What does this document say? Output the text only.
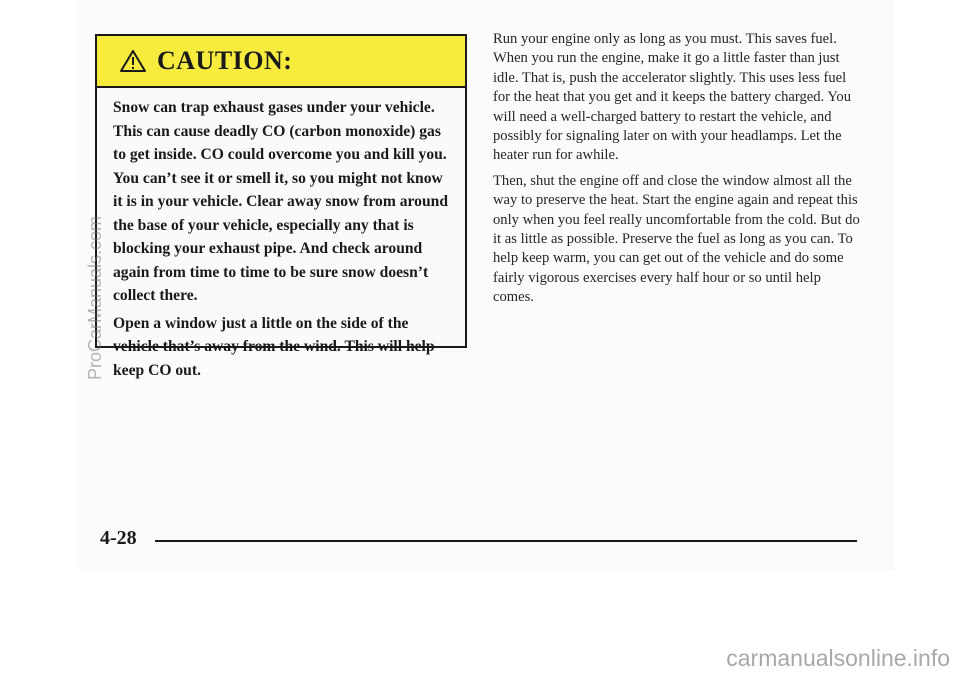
CAUTION:

Snow can trap exhaust gases under your vehicle. This can cause deadly CO (carbon monoxide) gas to get inside. CO could overcome you and kill you. You can’t see it or smell it, so you might not know it is in your vehicle. Clear away snow from around the base of your vehicle, especially any that is blocking your exhaust pipe. And check around again from time to time to be sure snow doesn’t collect there.

Open a window just a little on the side of the vehicle that’s away from the wind. This will help keep CO out.

Run your engine only as long as you must. This saves fuel. When you run the engine, make it go a little faster than just idle. That is, push the accelerator slightly. This uses less fuel for the heat that you get and it keeps the battery charged. You will need a well-charged battery to restart the vehicle, and possibly for signaling later on with your headlamps. Let the heater run for awhile.

Then, shut the engine off and close the window almost all the way to preserve the heat. Start the engine again and repeat this only when you feel really uncomfortable from the cold. But do it as little as possible. Preserve the fuel as long as you can. To help keep warm, you can get out of the vehicle and do some fairly vigorous exercises every half hour or so until help comes.

4-28
ProCarManuals.com
carmanualsonline.info
